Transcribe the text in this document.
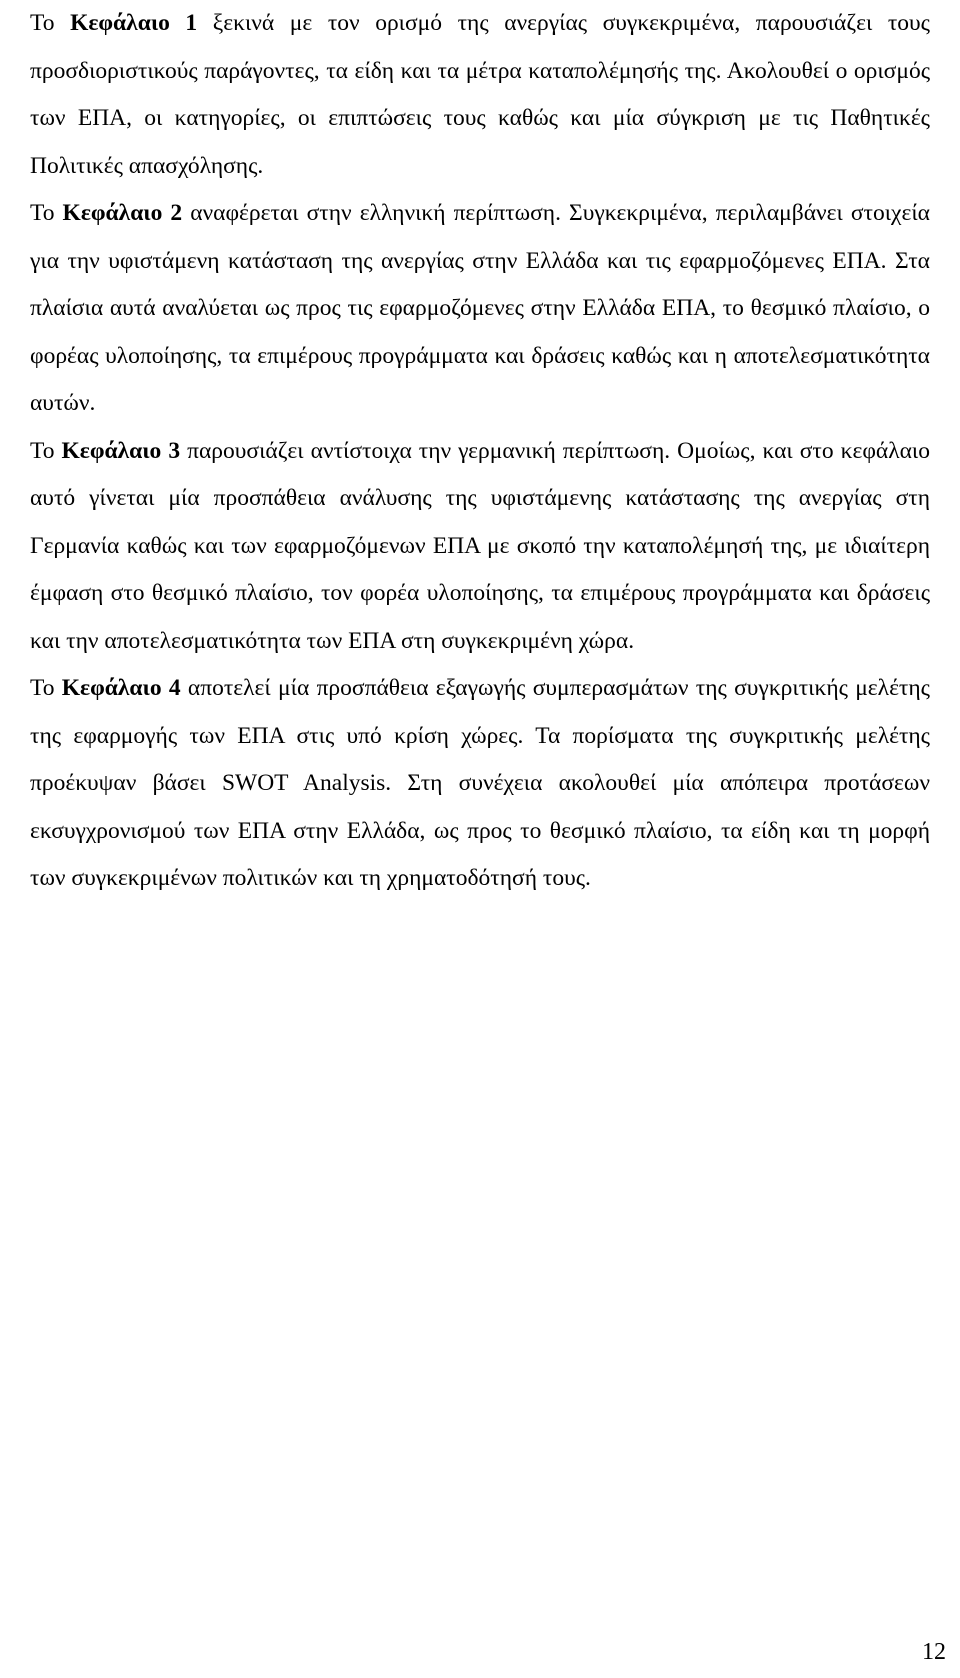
Το Κεφάλαιο 1 ξεκινά με τον ορισμό της ανεργίας συγκεκριμένα, παρουσιάζει τους προσδιοριστικούς παράγοντες, τα είδη και τα μέτρα καταπολέμησής της. Ακολουθεί ο ορισμός των ΕΠΑ, οι κατηγορίες, οι επιπτώσεις τους καθώς και μία σύγκριση με τις Παθητικές Πολιτικές απασχόλησης.

Το Κεφάλαιο 2 αναφέρεται στην ελληνική περίπτωση. Συγκεκριμένα, περιλαμβάνει στοιχεία για την υφιστάμενη κατάσταση της ανεργίας στην Ελλάδα και τις εφαρμοζόμενες ΕΠΑ. Στα πλαίσια αυτά αναλύεται ως προς τις εφαρμοζόμενες στην Ελλάδα ΕΠΑ, το θεσμικό πλαίσιο, ο φορέας υλοποίησης, τα επιμέρους προγράμματα και δράσεις καθώς και η αποτελεσματικότητα αυτών.

Το Κεφάλαιο 3 παρουσιάζει αντίστοιχα την γερμανική περίπτωση. Ομοίως, και στο κεφάλαιο αυτό γίνεται μία προσπάθεια ανάλυσης της υφιστάμενης κατάστασης της ανεργίας στη Γερμανία καθώς και των εφαρμοζόμενων ΕΠΑ με σκοπό την καταπολέμησή της, με ιδιαίτερη έμφαση στο θεσμικό πλαίσιο, τον φορέα υλοποίησης, τα επιμέρους προγράμματα και δράσεις και την αποτελεσματικότητα των ΕΠΑ στη συγκεκριμένη χώρα.

Το Κεφάλαιο 4 αποτελεί μία προσπάθεια εξαγωγής συμπερασμάτων της συγκριτικής μελέτης της εφαρμογής των ΕΠΑ στις υπό κρίση χώρες. Τα πορίσματα της συγκριτικής μελέτης προέκυψαν βάσει SWOT Analysis. Στη συνέχεια ακολουθεί μία απόπειρα προτάσεων εκσυγχρονισμού των ΕΠΑ στην Ελλάδα, ως προς το θεσμικό πλαίσιο, τα είδη και τη μορφή των συγκεκριμένων πολιτικών και τη χρηματοδότησή τους.

12
